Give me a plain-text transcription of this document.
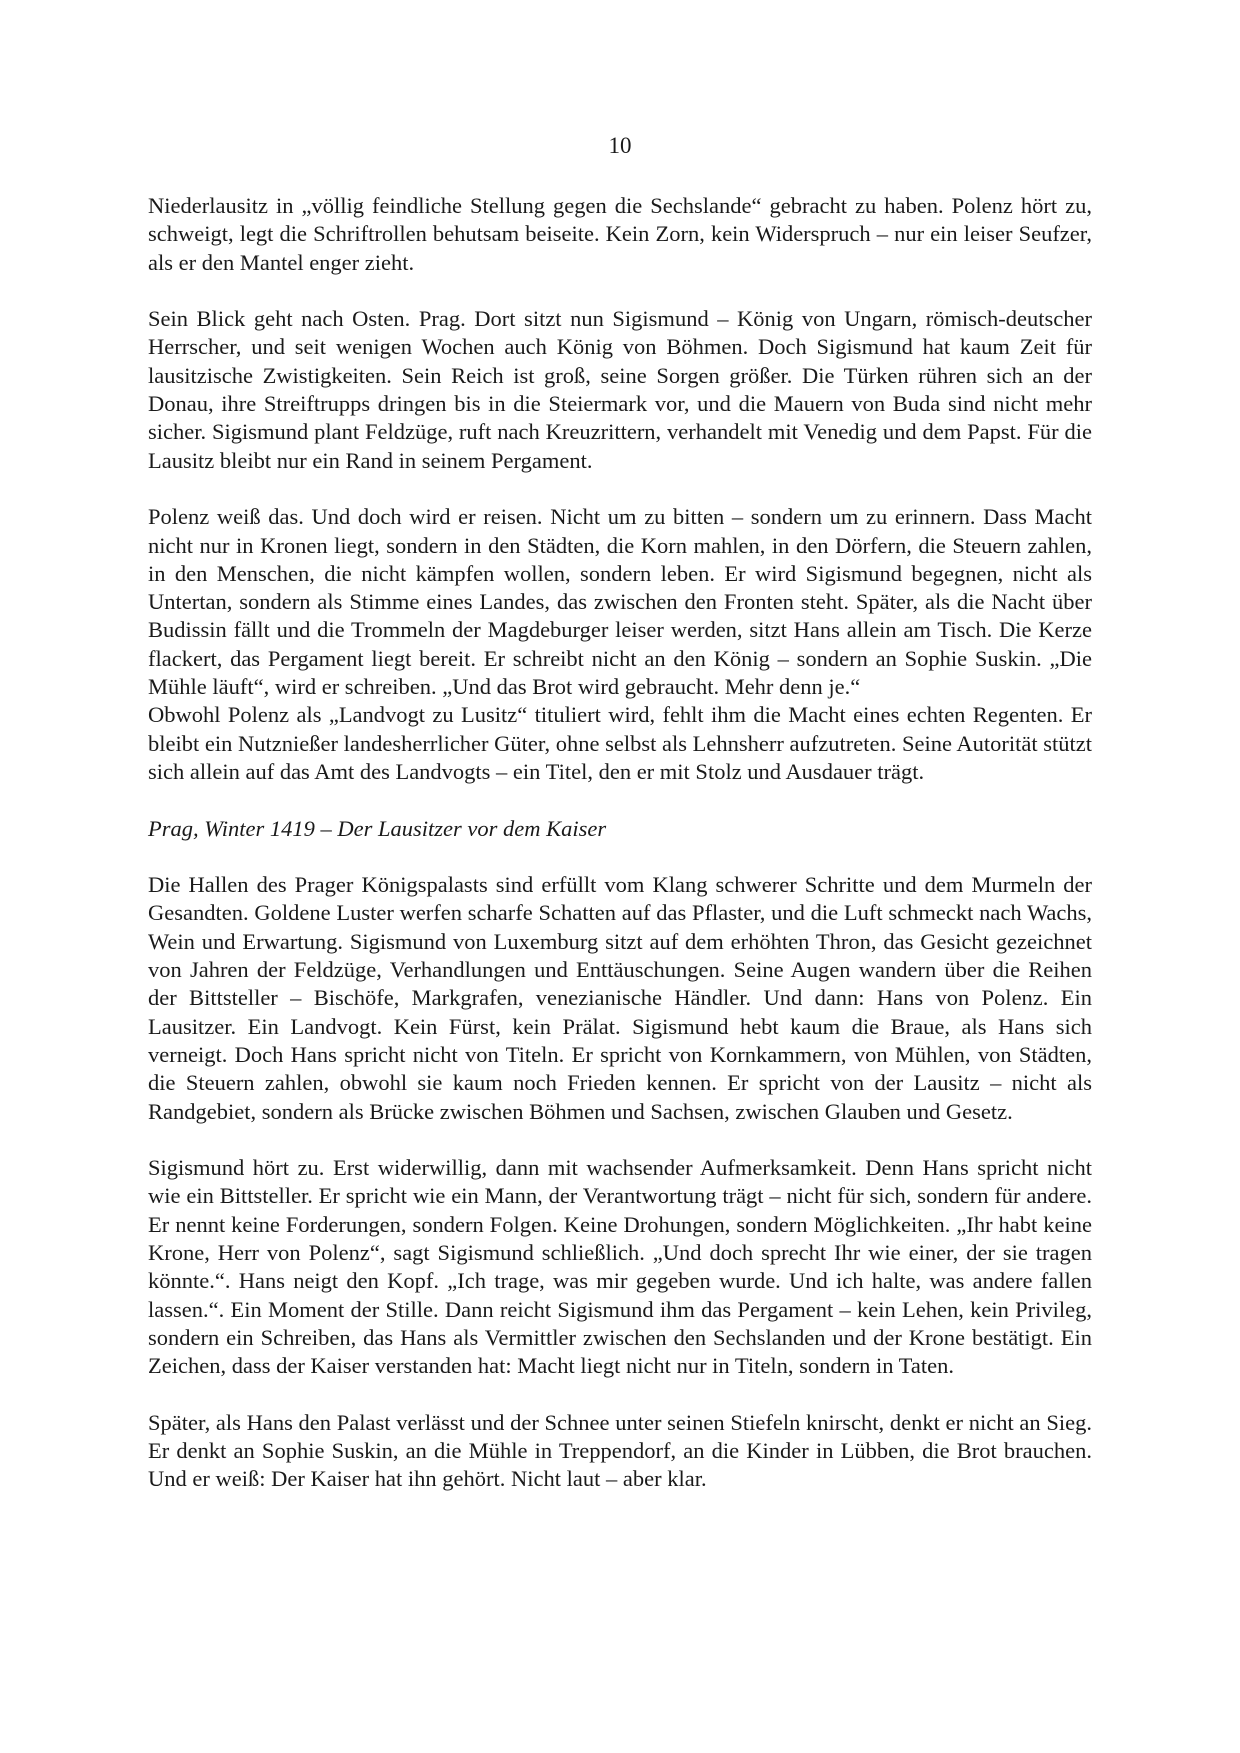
10

Niederlausitz in „völlig feindliche Stellung gegen die Sechslande“ gebracht zu haben. Polenz hört zu, schweigt, legt die Schriftrollen behutsam beiseite. Kein Zorn, kein Widerspruch – nur ein leiser Seufzer, als er den Mantel enger zieht.

Sein Blick geht nach Osten. Prag. Dort sitzt nun Sigismund – König von Ungarn, römisch-deutscher Herrscher, und seit wenigen Wochen auch König von Böhmen. Doch Sigismund hat kaum Zeit für lausitzische Zwistigkeiten. Sein Reich ist groß, seine Sorgen größer. Die Türken rühren sich an der Donau, ihre Streiftrupps dringen bis in die Steiermark vor, und die Mauern von Buda sind nicht mehr sicher. Sigismund plant Feldzüge, ruft nach Kreuzrittern, verhandelt mit Venedig und dem Papst. Für die Lausitz bleibt nur ein Rand in seinem Pergament.

Polenz weiß das. Und doch wird er reisen. Nicht um zu bitten – sondern um zu erinnern. Dass Macht nicht nur in Kronen liegt, sondern in den Städten, die Korn mahlen, in den Dörfern, die Steuern zahlen, in den Menschen, die nicht kämpfen wollen, sondern leben. Er wird Sigismund begegnen, nicht als Untertan, sondern als Stimme eines Landes, das zwischen den Fronten steht. Später, als die Nacht über Budissin fällt und die Trommeln der Magdeburger leiser werden, sitzt Hans allein am Tisch. Die Kerze flackert, das Pergament liegt bereit. Er schreibt nicht an den König – sondern an Sophie Suskin. „Die Mühle läuft“, wird er schreiben. „Und das Brot wird gebraucht. Mehr denn je.“

Obwohl Polenz als „Landvogt zu Lusitz“ tituliert wird, fehlt ihm die Macht eines echten Regenten. Er bleibt ein Nutznießer landesherrlicher Güter, ohne selbst als Lehnsherr aufzutreten. Seine Autorität stützt sich allein auf das Amt des Landvogts – ein Titel, den er mit Stolz und Ausdauer trägt.

Prag, Winter 1419 – Der Lausitzer vor dem Kaiser

Die Hallen des Prager Königspalasts sind erfüllt vom Klang schwerer Schritte und dem Murmeln der Gesandten. Goldene Luster werfen scharfe Schatten auf das Pflaster, und die Luft schmeckt nach Wachs, Wein und Erwartung. Sigismund von Luxemburg sitzt auf dem erhöhten Thron, das Gesicht gezeichnet von Jahren der Feldzüge, Verhandlungen und Enttäuschungen. Seine Augen wandern über die Reihen der Bittsteller – Bischöfe, Markgrafen, venezianische Händler. Und dann: Hans von Polenz. Ein Lausitzer. Ein Landvogt. Kein Fürst, kein Prälat. Sigismund hebt kaum die Braue, als Hans sich verneigt. Doch Hans spricht nicht von Titeln. Er spricht von Kornkammern, von Mühlen, von Städten, die Steuern zahlen, obwohl sie kaum noch Frieden kennen. Er spricht von der Lausitz – nicht als Randgebiet, sondern als Brücke zwischen Böhmen und Sachsen, zwischen Glauben und Gesetz.

Sigismund hört zu. Erst widerwillig, dann mit wachsender Aufmerksamkeit. Denn Hans spricht nicht wie ein Bittsteller. Er spricht wie ein Mann, der Verantwortung trägt – nicht für sich, sondern für andere. Er nennt keine Forderungen, sondern Folgen. Keine Drohungen, sondern Möglichkeiten. „Ihr habt keine Krone, Herr von Polenz“, sagt Sigismund schließlich. „Und doch sprecht Ihr wie einer, der sie tragen könnte.“. Hans neigt den Kopf. „Ich trage, was mir gegeben wurde. Und ich halte, was andere fallen lassen.“. Ein Moment der Stille. Dann reicht Sigismund ihm das Pergament – kein Lehen, kein Privileg, sondern ein Schreiben, das Hans als Vermittler zwischen den Sechslanden und der Krone bestätigt. Ein Zeichen, dass der Kaiser verstanden hat: Macht liegt nicht nur in Titeln, sondern in Taten.

Später, als Hans den Palast verlässt und der Schnee unter seinen Stiefeln knirscht, denkt er nicht an Sieg. Er denkt an Sophie Suskin, an die Mühle in Treppendorf, an die Kinder in Lübben, die Brot brauchen. Und er weiß: Der Kaiser hat ihn gehört. Nicht laut – aber klar.
